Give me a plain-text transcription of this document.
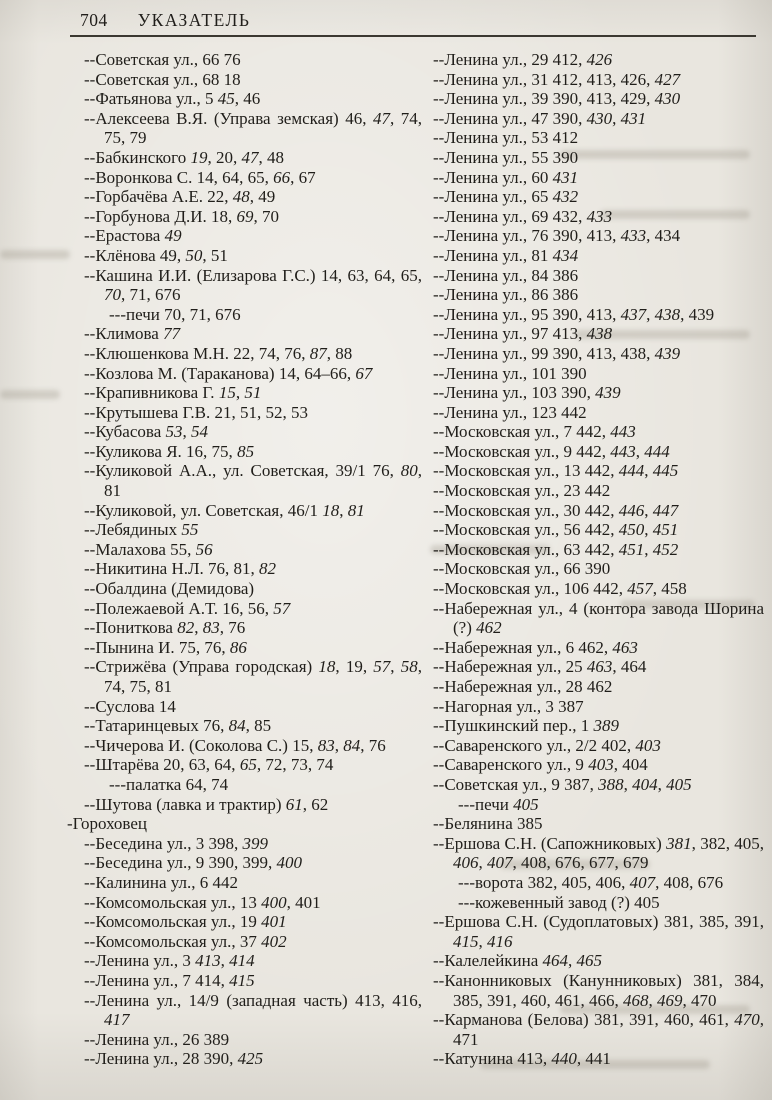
704 УКАЗАТЕЛЬ

--Советская ул., 66 76

--Советская ул., 68 18

--Фатьянова ул., 5 45, 46

--Алексеева В.Я. (Управа земская) 46, 47, 74, 75, 79

--Бабкинского 19, 20, 47, 48

--Воронкова С. 14, 64, 65, 66, 67

--Горбачёва А.Е. 22, 48, 49

--Горбунова Д.И. 18, 69, 70

--Ерастова 49

--Клёнова 49, 50, 51

--Кашина И.И. (Елизарова Г.С.) 14, 63, 64, 65, 70, 71, 676

---печи 70, 71, 676

--Климова 77

--Клюшенкова М.Н. 22, 74, 76, 87, 88

--Козлова М. (Тараканова) 14, 64–66, 67

--Крапивникова Г. 15, 51

--Крутышева Г.В. 21, 51, 52, 53

--Кубасова 53, 54

--Куликова Я. 16, 75, 85

--Куликовой А.А., ул. Советская, 39/1 76, 80, 81

--Куликовой, ул. Советская, 46/1 18, 81

--Лебядиных 55

--Малахова 55, 56

--Никитина Н.Л. 76, 81, 82

--Обалдина (Демидова)

--Полежаевой А.Т. 16, 56, 57

--Пониткова 82, 83, 76

--Пынина И. 75, 76, 86

--Стрижёва (Управа городская) 18, 19, 57, 58, 74, 75, 81

--Суслова 14

--Татаринцевых 76, 84, 85

--Чичерова И. (Соколова С.) 15, 83, 84, 76

--Штарёва 20, 63, 64, 65, 72, 73, 74

---палатка 64, 74

--Шутова (лавка и трактир) 61, 62

-Гороховец

--Беседина ул., 3 398, 399

--Беседина ул., 9 390, 399, 400

--Калинина ул., 6 442

--Комсомольская ул., 13 400, 401

--Комсомольская ул., 19 401

--Комсомольская ул., 37 402

--Ленина ул., 3 413, 414

--Ленина ул., 7 414, 415

--Ленина ул., 14/9 (западная часть) 413, 416, 417

--Ленина ул., 26 389

--Ленина ул., 28 390, 425

--Ленина ул., 29 412, 426

--Ленина ул., 31 412, 413, 426, 427

--Ленина ул., 39 390, 413, 429, 430

--Ленина ул., 47 390, 430, 431

--Ленина ул., 53 412

--Ленина ул., 55 390

--Ленина ул., 60 431

--Ленина ул., 65 432

--Ленина ул., 69 432, 433

--Ленина ул., 76 390, 413, 433, 434

--Ленина ул., 81 434

--Ленина ул., 84 386

--Ленина ул., 86 386

--Ленина ул., 95 390, 413, 437, 438, 439

--Ленина ул., 97 413, 438

--Ленина ул., 99 390, 413, 438, 439

--Ленина ул., 101 390

--Ленина ул., 103 390, 439

--Ленина ул., 123 442

--Московская ул., 7 442, 443

--Московская ул., 9 442, 443, 444

--Московская ул., 13 442, 444, 445

--Московская ул., 23 442

--Московская ул., 30 442, 446, 447

--Московская ул., 56 442, 450, 451

--Московская ул., 63 442, 451, 452

--Московская ул., 66 390

--Московская ул., 106 442, 457, 458

--Набережная ул., 4 (контора завода Шорина (?) 462

--Набережная ул., 6 462, 463

--Набережная ул., 25 463, 464

--Набережная ул., 28 462

--Нагорная ул., 3 387

--Пушкинский пер., 1 389

--Саваренского ул., 2/2 402, 403

--Саваренского ул., 9 403, 404

--Советская ул., 9 387, 388, 404, 405

---печи 405

--Белянина 385

--Ершова С.Н. (Сапожниковых) 381, 382, 405, 406, 407, 408, 676, 677, 679

---ворота 382, 405, 406, 407, 408, 676

---кожевенный завод (?) 405

--Ершова С.Н. (Судоплатовых) 381, 385, 391, 415, 416

--Калелейкина 464, 465

--Канонниковых (Канунниковых) 381, 384, 385, 391, 460, 461, 466, 468, 469, 470

--Карманова (Белова) 381, 391, 460, 461, 470, 471

--Катунина 413, 440, 441
